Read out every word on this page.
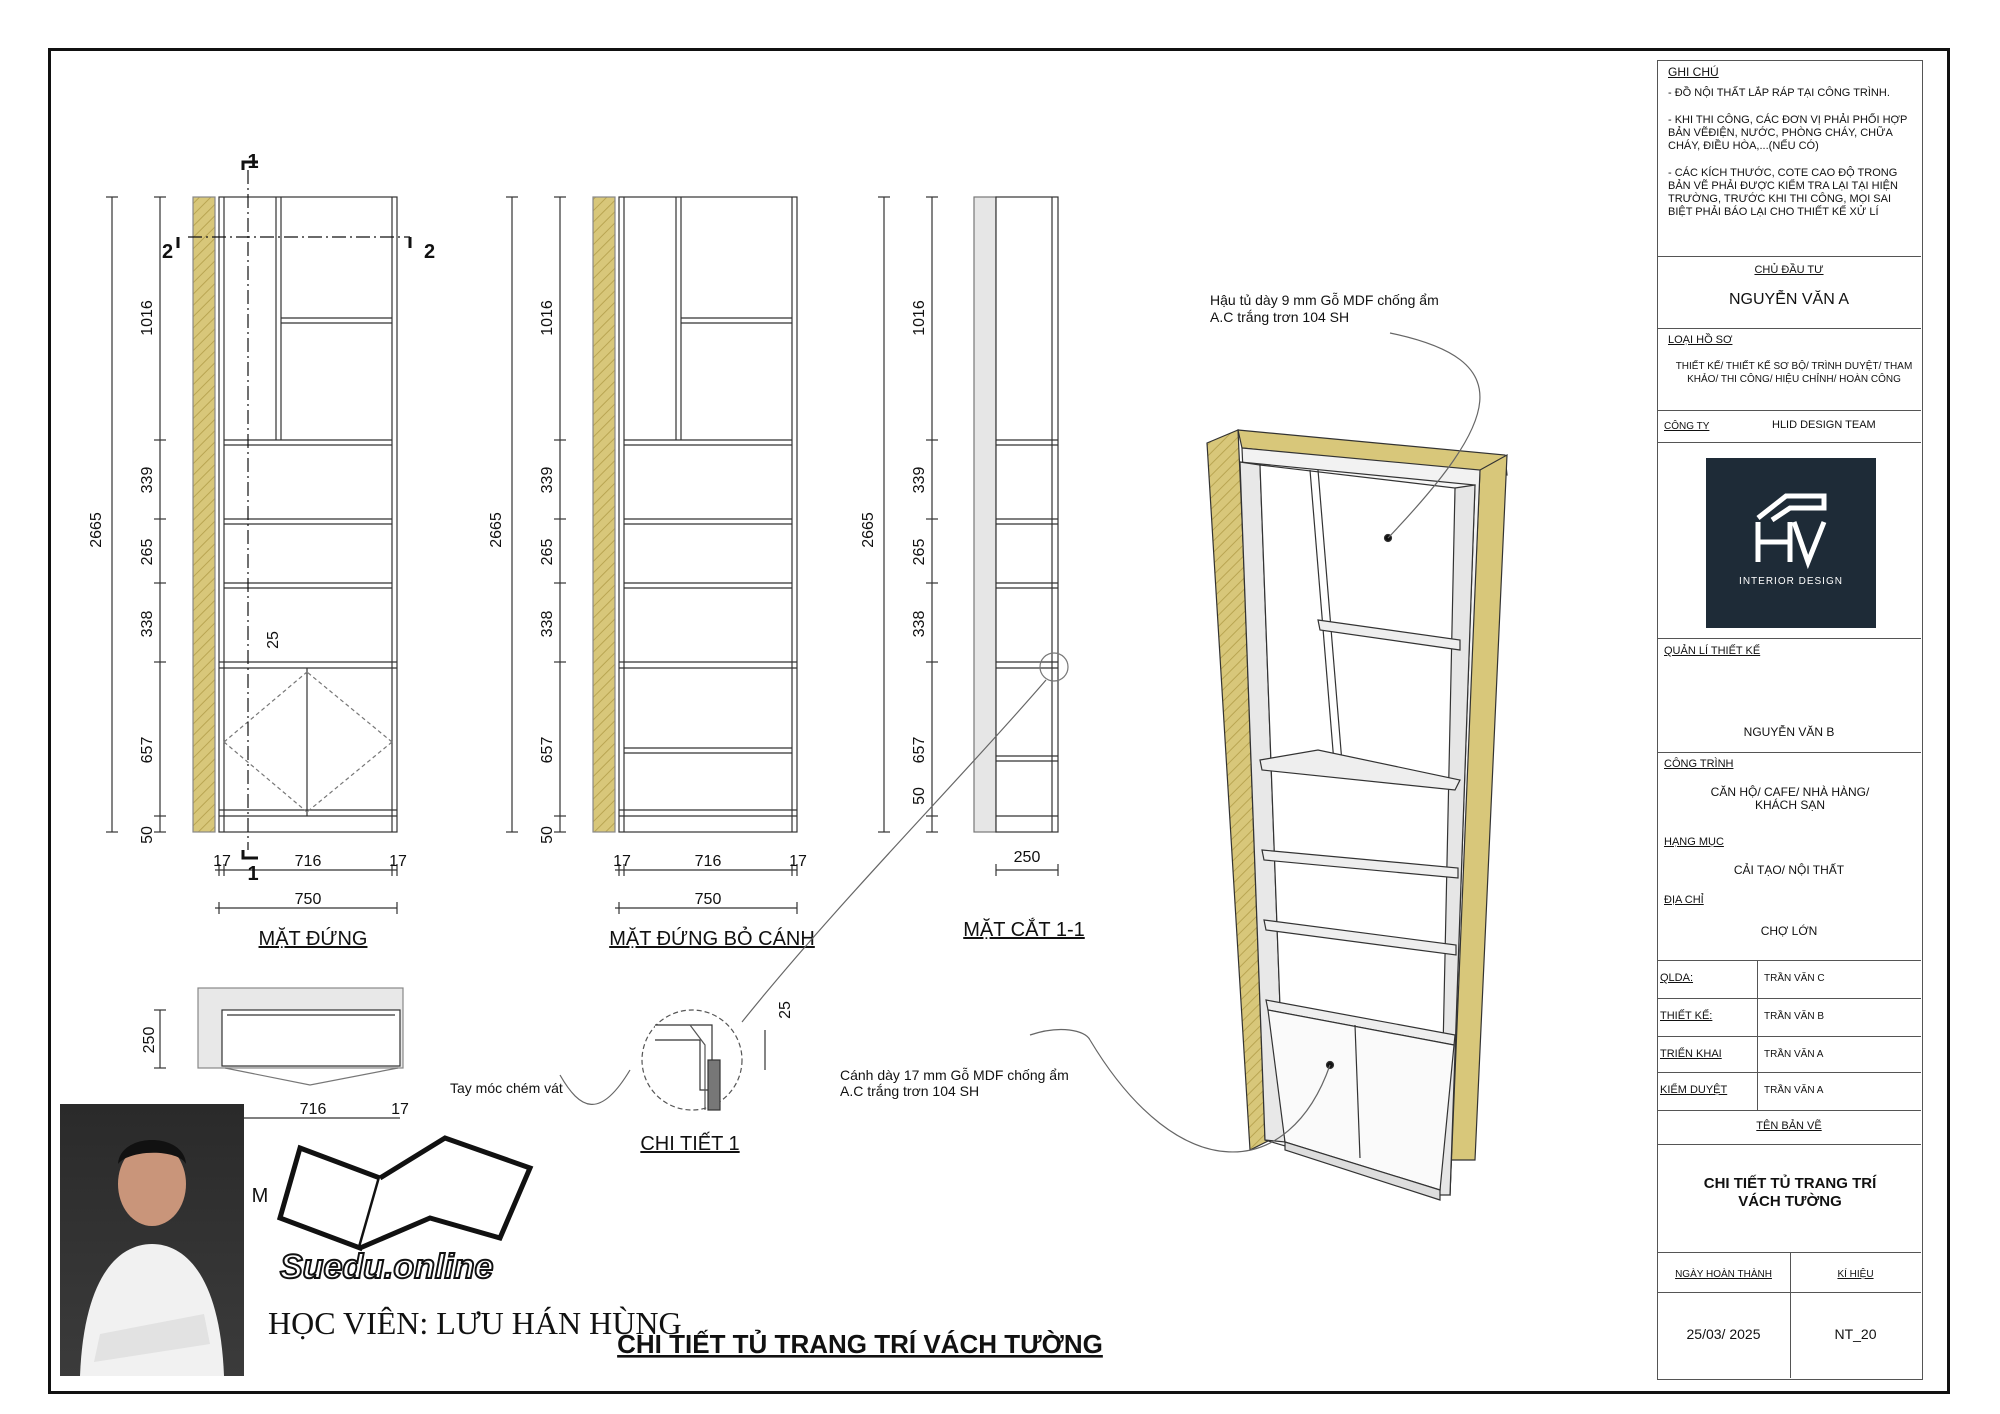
2665
1016
339
265
338
657
50
25
17	716	17
750
1
1
2	2
MẶT ĐỨNG
2665
1016
339
265
338
657
50
17	716	17
750
MẶT ĐỨNG BỎ CÁNH
2665
1016
339
265
338
657
50
250
MẶT CẮT 1-1
250
716	17
M
25
CHI TIẾT 1
Tay móc chém vát
Hậu tủ dày 9 mm Gỗ MDF chống ẩm
A.C trắng trơn 104 SH
Cánh dày 17 mm Gỗ MDF chống ẩm
A.C trắng trơn 104 SH
CHI TIẾT TỦ TRANG TRÍ VÁCH TƯỜNG
Suedu.online
HỌC VIÊN: LƯU HÁN HÙNG
GHI CHÚ
- ĐỒ NỘI THẤT LẮP RÁP TẠI CÔNG TRÌNH.
- KHI THI CÔNG, CÁC ĐƠN VỊ PHẢI PHỐI HỢP BẢN VẼĐIỆN, NƯỚC, PHÒNG CHÁY, CHỮA CHÁY, ĐIỀU HÒA,...(NẾU CÓ)
- CÁC KÍCH THƯỚC, COTE CAO ĐỘ TRONG BẢN VẼ PHẢI ĐƯỢC KIỂM TRA LẠI TẠI HIỆN TRƯỜNG, TRƯỚC KHI THI CÔNG, MỌI SAI BIỆT PHẢI BÁO LẠI CHO THIẾT KẾ XỬ LÍ
CHỦ ĐẦU TƯ
NGUYỄN VĂN A
LOẠI HỒ SƠ
THIẾT KẾ/ THIẾT KẾ SƠ BỘ/ TRÌNH DUYỆT/ THAM KHẢO/ THI CÔNG/ HIỆU CHỈNH/ HOÀN CÔNG
CÔNG TY	HLID DESIGN TEAM
INTERIOR DESIGN
QUẢN LÍ THIẾT KẾ
NGUYỄN VĂN B
CÔNG TRÌNH
CĂN HỘ/ CAFE/ NHÀ HÀNG/ KHÁCH SẠN
HẠNG MỤC
CẢI TẠO/ NỘI THẤT
ĐỊA CHỈ
CHỢ LỚN
QLDA:	TRẦN VĂN C
THIẾT KẾ:	TRẦN VĂN B
TRIỂN KHAI	TRẦN VĂN A
KIỂM DUYỆT	TRẦN VĂN A
TÊN BẢN VẼ
CHI TIẾT TỦ TRANG TRÍ VÁCH TƯỜNG
NGÀY HOÀN THÀNH	KÍ HIỆU
25/03/ 2025	NT_20
